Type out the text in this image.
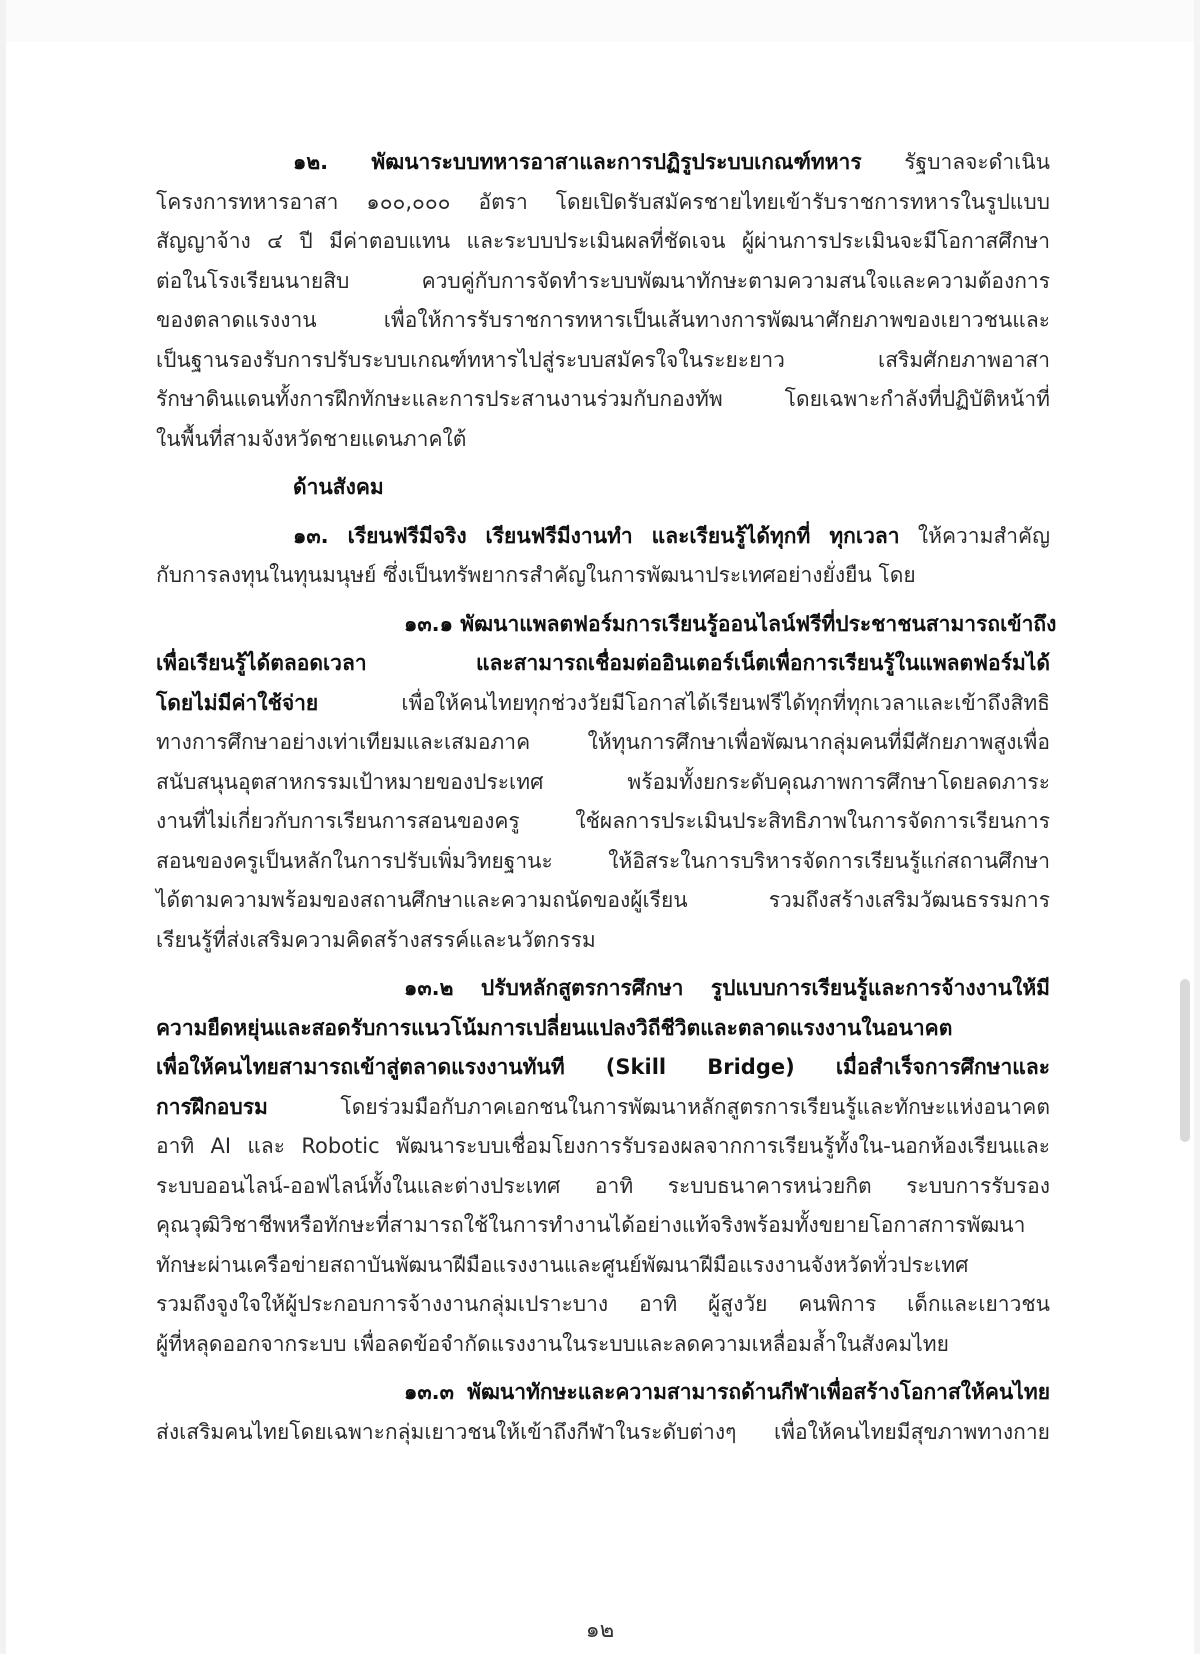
๑๒. พัฒนาระบบทหารอาสาและการปฏิรูประบบเกณฑ์ทหาร รัฐบาลจะดำเนิน
โครงการทหารอาสา ๑๐๐,๐๐๐ อัตรา โดยเปิดรับสมัครชายไทยเข้ารับราชการทหารในรูปแบบ
สัญญาจ้าง ๔ ปี มีค่าตอบแทน และระบบประเมินผลที่ชัดเจน ผู้ผ่านการประเมินจะมีโอกาสศึกษา
ต่อในโรงเรียนนายสิบ ควบคู่กับการจัดทำระบบพัฒนาทักษะตามความสนใจและความต้องการ
ของตลาดแรงงาน เพื่อให้การรับราชการทหารเป็นเส้นทางการพัฒนาศักยภาพของเยาวชนและ
เป็นฐานรองรับการปรับระบบเกณฑ์ทหารไปสู่ระบบสมัครใจในระยะยาว เสริมศักยภาพอาสา
รักษาดินแดนทั้งการฝึกทักษะและการประสานงานร่วมกับกองทัพ โดยเฉพาะกำลังที่ปฏิบัติหน้าที่
ในพื้นที่สามจังหวัดชายแดนภาคใต้
ด้านสังคม
๑๓. เรียนฟรีมีจริง เรียนฟรีมีงานทำ และเรียนรู้ได้ทุกที่ ทุกเวลา ให้ความสำคัญ
กับการลงทุนในทุนมนุษย์ ซึ่งเป็นทรัพยากรสำคัญในการพัฒนาประเทศอย่างยั่งยืน โดย
๑๓.๑ พัฒนาแพลตฟอร์มการเรียนรู้ออนไลน์ฟรีที่ประชาชนสามารถเข้าถึง
เพื่อเรียนรู้ได้ตลอดเวลา และสามารถเชื่อมต่ออินเตอร์เน็ตเพื่อการเรียนรู้ในแพลตฟอร์มได้
โดยไม่มีค่าใช้จ่าย เพื่อให้คนไทยทุกช่วงวัยมีโอกาสได้เรียนฟรีได้ทุกที่ทุกเวลาและเข้าถึงสิทธิ
ทางการศึกษาอย่างเท่าเทียมและเสมอภาค ให้ทุนการศึกษาเพื่อพัฒนากลุ่มคนที่มีศักยภาพสูงเพื่อ
สนับสนุนอุตสาหกรรมเป้าหมายของประเทศ พร้อมทั้งยกระดับคุณภาพการศึกษาโดยลดภาระ
งานที่ไม่เกี่ยวกับการเรียนการสอนของครู ใช้ผลการประเมินประสิทธิภาพในการจัดการเรียนการ
สอนของครูเป็นหลักในการปรับเพิ่มวิทยฐานะ ให้อิสระในการบริหารจัดการเรียนรู้แก่สถานศึกษา
ได้ตามความพร้อมของสถานศึกษาและความถนัดของผู้เรียน รวมถึงสร้างเสริมวัฒนธรรมการ
เรียนรู้ที่ส่งเสริมความคิดสร้างสรรค์และนวัตกรรม
๑๓.๒ ปรับหลักสูตรการศึกษา รูปแบบการเรียนรู้และการจ้างงานให้มี
ความยืดหยุ่นและสอดรับการแนวโน้มการเปลี่ยนแปลงวิถีชีวิตและตลาดแรงงานในอนาคต
เพื่อให้คนไทยสามารถเข้าสู่ตลาดแรงงานทันที (Skill Bridge) เมื่อสำเร็จการศึกษาและ
การฝึกอบรม โดยร่วมมือกับภาคเอกชนในการพัฒนาหลักสูตรการเรียนรู้และทักษะแห่งอนาคต
อาทิ AI และ Robotic พัฒนาระบบเชื่อมโยงการรับรองผลจากการเรียนรู้ทั้งใน-นอกห้องเรียนและ
ระบบออนไลน์-ออฟไลน์ทั้งในและต่างประเทศ อาทิ ระบบธนาคารหน่วยกิต ระบบการรับรอง
คุณวุฒิวิชาชีพหรือทักษะที่สามารถใช้ในการทำงานได้อย่างแท้จริงพร้อมทั้งขยายโอกาสการพัฒนา
ทักษะผ่านเครือข่ายสถาบันพัฒนาฝีมือแรงงานและศูนย์พัฒนาฝีมือแรงงานจังหวัดทั่วประเทศ
รวมถึงจูงใจให้ผู้ประกอบการจ้างงานกลุ่มเปราะบาง อาทิ ผู้สูงวัย คนพิการ เด็กและเยาวชน
ผู้ที่หลุดออกจากระบบ เพื่อลดข้อจำกัดแรงงานในระบบและลดความเหลื่อมล้ำในสังคมไทย
๑๓.๓ พัฒนาทักษะและความสามารถด้านกีฬาเพื่อสร้างโอกาสให้คนไทย
ส่งเสริมคนไทยโดยเฉพาะกลุ่มเยาวชนให้เข้าถึงกีฬาในระดับต่างๆ เพื่อให้คนไทยมีสุขภาพทางกาย
๑๒
